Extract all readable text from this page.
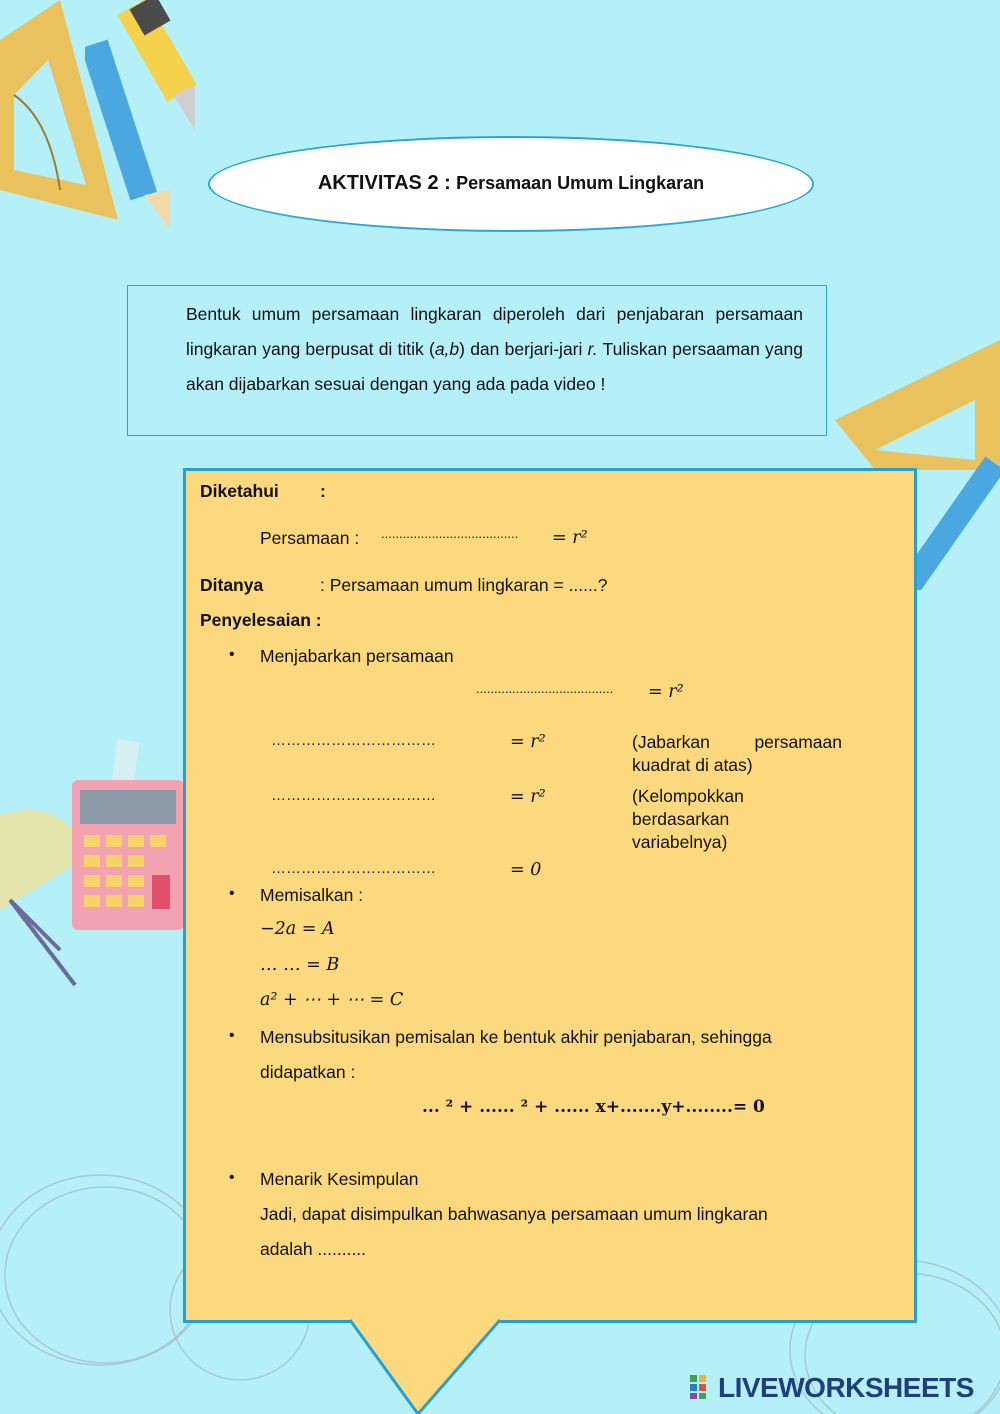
AKTIVITAS 2 : Persamaan Umum Lingkaran
Bentuk umum persamaan lingkaran diperoleh dari penjabaran persamaan lingkaran yang berpusat di titik (a,b) dan berjari-jari r. Tuliskan persaaman yang akan dijabarkan sesuai dengan yang ada pada video !
Diketahui :
Persamaan : ...................................... = r²
Ditanya	: Persamaan umum lingkaran = ......?
Penyelesaian :
• Menjabarkan persamaan
...................................... = r²
……………………………	= r²	(Jabarkan persamaan kuadrat di atas)
……………………………	= r²	(Kelompokkan berdasarkan variabelnya)
……………………………	= 0
• Memisalkan :
−2a = A
… … = B
a² + ⋯ + ⋯ = C
• Mensubsitusikan pemisalan ke bentuk akhir penjabaran, sehingga
didapatkan :
... ² + ...... ² + ...... x+.......y+........= 0
• Menarik Kesimpulan
Jadi, dapat disimpulkan bahwasanya persamaan umum lingkaran
adalah ..........
LIVEWORKSHEETS
